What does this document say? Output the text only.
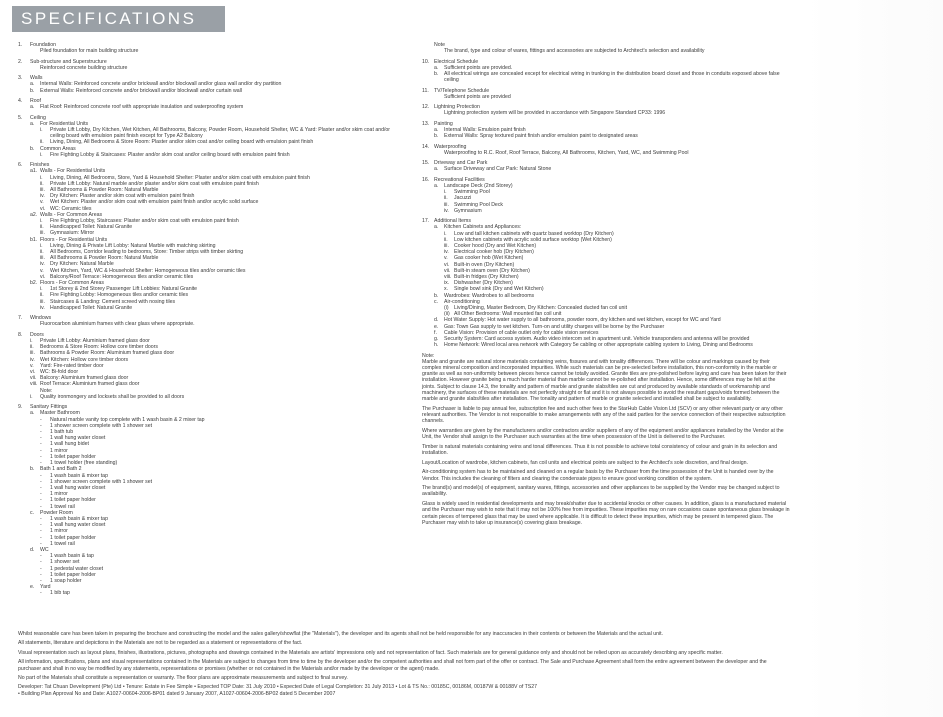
SPECIFICATIONS
1.	Foundation
Piled foundation for main building structure
2.	Sub-structure and Superstructure
Reinforced concrete building structure
3.	Walls
a.	Internal Walls: Reinforced concrete and/or brickwall and/or blockwall and/or glass wall and/or dry partition
b.	External Walls: Reinforced concrete and/or brickwall and/or blockwall and/or curtain wall
4.	Roof
a.	Flat Roof: Reinforced concrete roof with appropriate insulation and waterproofing system
5.	Ceiling
a.	For Residential Units
i.	Private Lift Lobby, Dry Kitchen, Wet Kitchen, All Bathrooms, Balcony, Powder Room, Household Shelter, WC & Yard: Plaster and/or skim coat and/or ceiling board with emulsion paint finish except for Type A2 Balcony
ii.	Living, Dining, All Bedrooms & Store Room: Plaster and/or skim coat and/or ceiling board with emulsion paint finish
b.	Common Areas
i.	Fire Fighting Lobby & Staircases: Plaster and/or skim coat and/or ceiling board with emulsion paint finish
6.	Finishes
a1. Walls - For Residential Units
i.	Living, Dining, All Bedrooms, Store, Yard & Household Shelter: Plaster and/or skim coat with emulsion paint finish
ii.	Private Lift Lobby: Natural marble and/or plaster and/or skim coat with emulsion paint finish
iii. All Bathrooms & Powder Room: Natural Marble
iv. Dry Kitchen: Plaster and/or skim coat with emulsion paint finish
v.	Wet Kitchen: Plaster and/or skim coat with emulsion paint finish and/or acrylic solid surface
vi. WC: Ceramic tiles
a2. Walls - For Common Areas
i.	Fire Fighting Lobby, Staircases: Plaster and/or skim coat with emulsion paint finish
ii.	Handicapped Toilet: Natural Granite
iii. Gymnasium: Mirror
b1. Floors - For Residential Units
i.	Living, Dining & Private Lift Lobby: Natural Marble with matching skirting
ii.	All Bedrooms, Corridor leading to bedrooms, Store: Timber strips with timber skirting
iii. All Bathrooms & Powder Room: Natural Marble
iv. Dry Kitchen: Natural Marble
v.	Wet Kitchen, Yard, WC & Household Shelter: Homogeneous tiles and/or ceramic tiles
vi. Balcony/Roof Terrace: Homogeneous tiles and/or ceramic tiles
b2. Floors - For Common Areas
i.	1st Storey & 2nd Storey Passenger Lift Lobbies: Natural Granite
ii.	Fire Fighting Lobby: Homogeneous tiles and/or ceramic tiles
iii. Staircases & Landing: Cement screed with nosing tiles
iv. Handicapped Toilet: Natural Granite
7.	Windows
Fluorocarbon aluminium frames with clear glass where appropriate.
8.	Doors
i.	Private Lift Lobby: Aluminium framed glass door
ii.	Bedrooms & Store Room: Hollow core timber doors
iii. Bathrooms & Powder Room: Aluminium framed glass door
iv. Wet Kitchen: Hollow core timber doors
v.	Yard: Fire-rated timber door
vi. WC: Bi-fold door
vii. Balcony: Aluminium framed glass door
viii. Roof Terrace: Aluminium framed glass door
Note:
i.	Quality ironmongery and locksets shall be provided to all doors
9.	Sanitary Fittings
a.	Master Bathroom
-	Natural marble vanity top complete with 1 wash basin & 2 mixer tap
-	1 shower screen complete with 1 shower set
-	1 bath tub
-	1 wall hung water closet
-	1 wall hung bidet
-	1 mirror
-	1 toilet paper holder
-	1 towel holder (free standing)
b.	Bath 1 and Bath 2
-	1 wash basin & mixer tap
-	1 shower screen complete with 1 shower set
-	1 wall hung water closet
-	1 mirror
-	1 toilet paper holder
-	1 towel rail
c.	Powder Room
-	1 wash basin & mixer tap
-	1 wall hung water closet
-	1 mirror
-	1 toilet paper holder
-	1 towel rail
d.	WC
-	1 wash basin & tap
-	1 shower set
-	1 pedestal water closet
-	1 toilet paper holder
-	1 soap holder
e.	Yard
-	1 bib tap
Note
The brand, type and colour of wares, fittings and accessories are subjected to Architect's selection and availability
10. Electrical Schedule
a.	Sufficient points are provided.
b.	All electrical wirings are concealed except for electrical wiring in trunking in the distribution board closet and those in conduits exposed above false ceiling
11. TV/Telephone Schedule
Sufficient points are provided
12. Lightning Protection
Lightning protection system will be provided in accordance with Singapore Standard CP33: 1996
13. Painting
a.	Internal Walls: Emulsion paint finish
b.	External Walls: Spray textured paint finish and/or emulsion paint to designated areas
14. Waterproofing
Waterproofing to R.C. Roof, Roof Terrace, Balcony, All Bathrooms, Kitchen, Yard, WC, and Swimming Pool
15. Driveway and Car Park
a.	Surface Driveway and Car Park: Natural Stone
16. Recreational Facilities
a.	Landscape Deck (2nd Storey)
i.	Swimming Pool
ii.	Jacuzzi
iii. Swimming Pool Deck
iv. Gymnasium
17. Additional Items
a.	Kitchen Cabinets and Appliances:
i.	Low and tall kitchen cabinets with quartz based worktop (Dry Kitchen)
ii.	Low kitchen cabinets with acrylic solid surface worktop (Wet Kitchen)
iii. Cooker hood (Dry and Wet Kitchen)
iv. Electrical cooker hob (Dry Kitchen)
v.	Gas cooker hob (Wet Kitchen)
vi. Built-in oven (Dry Kitchen)
vii. Built-in steam oven (Dry Kitchen)
viii. Built-in fridges (Dry Kitchen)
ix. Dishwasher (Dry Kitchen)
x.	Single bowl sink (Dry and Wet Kitchen)
b.	Wardrobes: Wardrobes to all bedrooms
c.	Air-conditioning
(i)	Living/Dining, Master Bedroom, Dry Kitchen: Concealed ducted fan coil unit
(ii) All Other Bedrooms: Wall mounted fan coil unit
d.	Hot Water Supply: Hot water supply to all bathrooms, powder room, dry kitchen and wet kitchen, except for WC and Yard
e.	Gas: Town Gas supply to wet kitchen. Turn-on and utility charges will be borne by the Purchaser
f.	Cable Vision: Provision of cable outlet only for cable vision services
g.	Security System: Card access system. Audio video intercom set in apartment unit. Vehicle transponders and antenna will be provided
h.	Home Network: Wired local area network with Category 5e cabling or other appropriate cabling system to Living, Dining and Bedrooms
Note:
Marble and granite are natural stone materials containing veins, fissures and with tonality differences. There will be colour and markings caused by their complex mineral composition and incorporated impurities. While such materials can be pre-selected before installation, this non-conformity in the marble or granite as well as non-uniformity between pieces hence cannot be totally avoided. Granite tiles are pre-polished before laying and care has been taken for their installation. However granite being a much harder material than marble cannot be re-polished after installation. Hence, some differences may be felt at the joints. Subject to clause 14.3, the tonality and pattern of marble and granite slabs/tiles are cut and produced by available standards of workmanship and machinery, the surfaces of these materials are not perfectly straight or flat and it is not always possible to avoid the resultant gaps/voids formed between the marble and granite slabs/tiles after installation. The tonality and pattern of marble or granite selected and installed shall be subject to availability.
The Purchaser is liable to pay annual fee, subscription fee and such other fees to the StarHub Cable Vision Ltd (SCV) or any other relevant party or any other relevant authorities. The Vendor is not responsible to make arrangements with any of the said parties for the service connection of their respective subscription channels.
Where warranties are given by the manufacturers and/or contractors and/or suppliers of any of the equipment and/or appliances installed by the Vendor at the Unit, the Vendor shall assign to the Purchaser such warranties at the time when possession of the Unit is delivered to the Purchaser.
Timber is natural materials containing veins and tonal differences. Thus it is not possible to achieve total consistency of colour and grain in its selection and installation.
Layout/Location of wardrobe, kitchen cabinets, fan coil units and electrical points are subject to the Architect's sole discretion, and final design.
Air-conditioning system has to be maintained and cleaned on a regular basis by the Purchaser from the time possession of the Unit is handed over by the Vendor. This includes the cleaning of filters and clearing the condensate pipes to ensure good working condition of the system.
The brand(s) and model(s) of equipment, sanitary wares, fittings, accessories and other appliances to be supplied by the Vendor may be changed subject to availability.
Glass is widely used in residential developments and may break/shatter due to accidental knocks or other causes. In addition, glass is a manufactured material and the Purchaser may wish to note that it may not be 100% free from impurities. These impurities may on rare occasions cause spontaneous glass breakage in certain pieces of tempered glass that may be used where applicable. It is difficult to detect these impurities, which may be present in tempered glass. The Purchaser may wish to take up insurance(s) covering glass breakage.

Whilst reasonable care has been taken in preparing the brochure and constructing the model and the sales gallery/showflat (the "Materials"), the developer and its agents shall not be held responsible for any inaccuracies in their contents or between the Materials and the actual unit.

All statements, literature and depictions in the Materials are not to be regarded as a statement or representations of the fact.

Visual representation such as layout plans, finishes, illustrations, pictures, photographs and drawings contained in the Materials are artists' impressions only and not representation of fact. Such materials are for general guidance only and should not be relied upon as accurately describing any specific matter.

All information, specifications, plans and visual representations contained in the Materials are subject to changes from time to time by the developer and/or the competent authorities and shall not form part of the offer or contract. The Sale and Purchase Agreement shall form the entire agreement between the developer and the purchaser and shall in no way be modified by any statements, representations or promises (whether or not contained in the Materials and/or made by the developer or the agent) made.

No part of the Materials shall constitute a representation or warranty. The floor plans are approximate measurements and subject to final survey.

Developer: Tat Chuan Development (Pte) Ltd • Tenure: Estate in Fee Simple • Expected TOP Date: 31 July 2010 • Expected Date of Legal Completion: 31 July 2013 • Lot & TS No.: 00185C, 00186M, 00187W & 00188V of TS27

• Building Plan Approval No and Date: A1027-00604-2006-BP01 dated 9 January 2007, A1027-00604-2006-BP02 dated 5 December 2007
